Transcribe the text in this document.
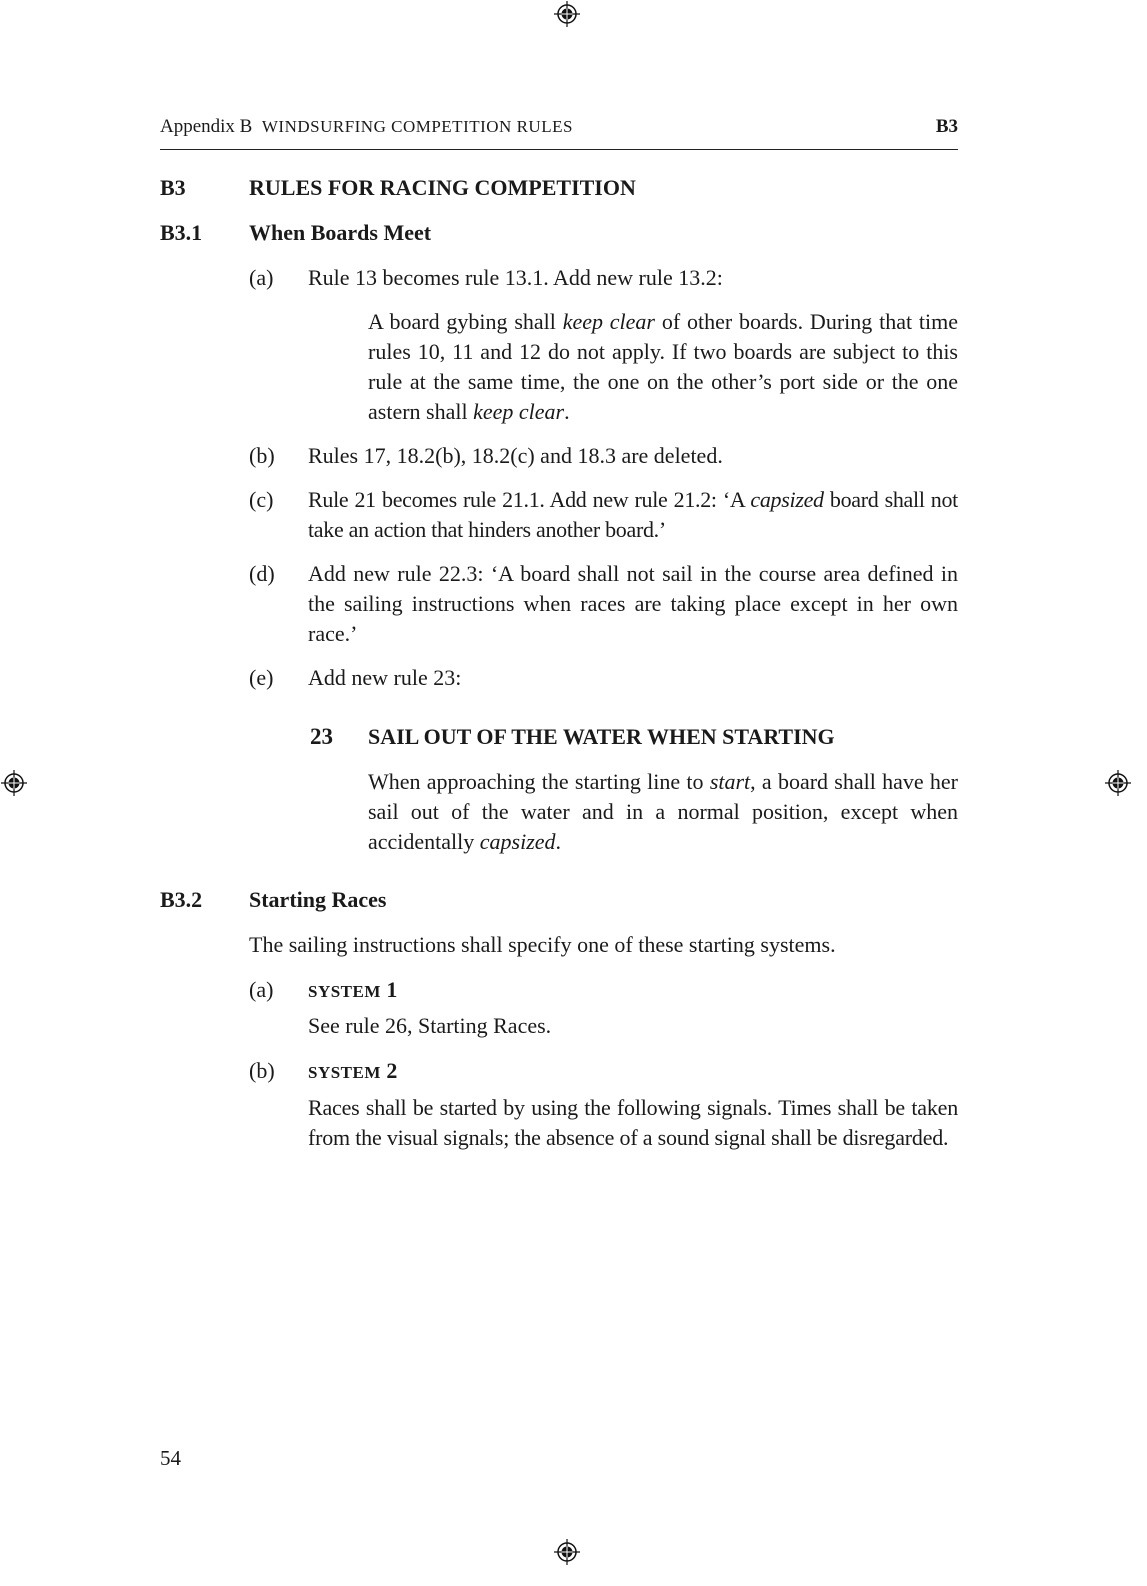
Appendix B WINDSURFING COMPETITION RULES	B3
B3	RULES FOR RACING COMPETITION
B3.1 When Boards Meet
(a) Rule 13 becomes rule 13.1. Add new rule 13.2:
A board gybing shall keep clear of other boards. During that time rules 10, 11 and 12 do not apply. If two boards are subject to this rule at the same time, the one on the other’s port side or the one astern shall keep clear.
(b) Rules 17, 18.2(b), 18.2(c) and 18.3 are deleted.
(c) Rule 21 becomes rule 21.1. Add new rule 21.2: ‘A capsized board shall not take an action that hinders another board.’
(d) Add new rule 22.3: ‘A board shall not sail in the course area defined in the sailing instructions when races are taking place except in her own race.’
(e) Add new rule 23:
23 SAIL OUT OF THE WATER WHEN STARTING
When approaching the starting line to start, a board shall have her sail out of the water and in a normal position, except when accidentally capsized.
B3.2 Starting Races
The sailing instructions shall specify one of these starting systems.
(a) SYSTEM 1
See rule 26, Starting Races.
(b) SYSTEM 2
Races shall be started by using the following signals. Times shall be taken from the visual signals; the absence of a sound signal shall be disregarded.
54
